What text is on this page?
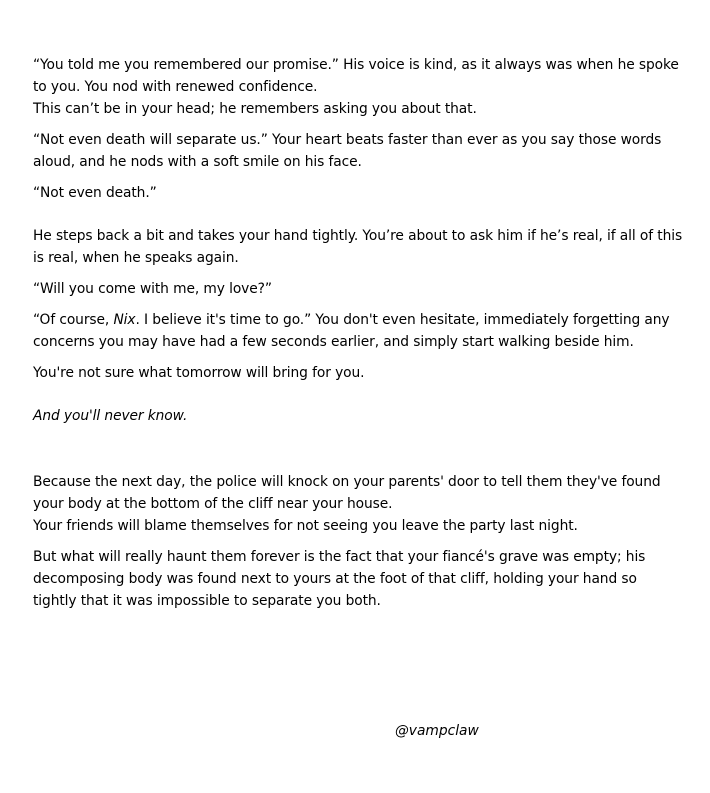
“You told me you remembered our promise.” His voice is kind, as it always was when he spoke

to you. You nod with renewed confidence.

This can’t be in your head; he remembers asking you about that.

“Not even death will separate us.” Your heart beats faster than ever as you say those words

aloud, and he nods with a soft smile on his face.

“Not even death.”

He steps back a bit and takes your hand tightly. You’re about to ask him if he’s real, if all of this

is real, when he speaks again.

“Will you come with me, my love?”

“Of course, Nix. I believe it's time to go.” You don't even hesitate, immediately forgetting any

concerns you may have had a few seconds earlier, and simply start walking beside him.

You're not sure what tomorrow will bring for you.

And you'll never know.

Because the next day, the police will knock on your parents' door to tell them they've found

your body at the bottom of the cliff near your house.

Your friends will blame themselves for not seeing you leave the party last night.

But what will really haunt them forever is the fact that your fiancé's grave was empty; his

decomposing body was found next to yours at the foot of that cliff, holding your hand so

tightly that it was impossible to separate you both.

@vampclaw
